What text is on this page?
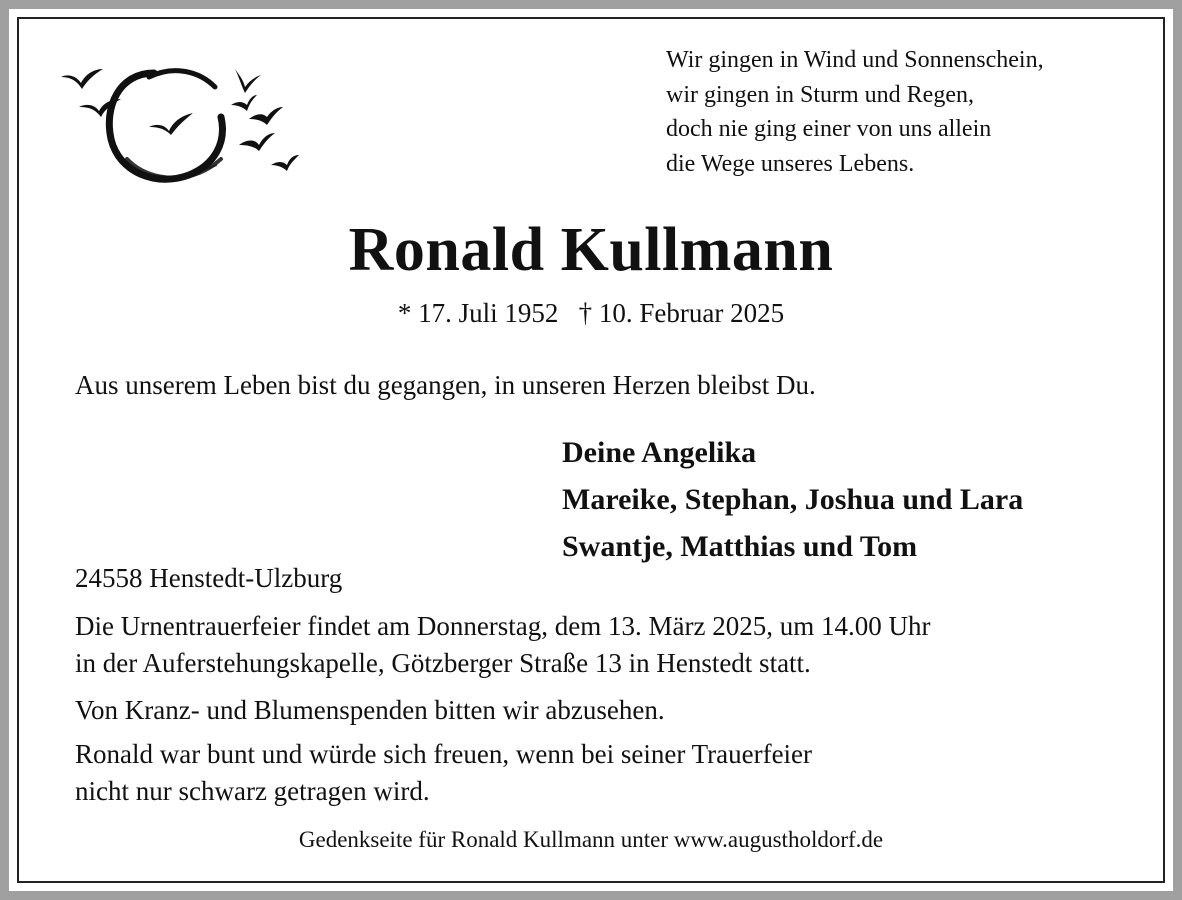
Wir gingen in Wind und Sonnenschein,
wir gingen in Sturm und Regen,
doch nie ging einer von uns allein
die Wege unseres Lebens.
Ronald Kullmann
* 17. Juli 1952   † 10. Februar 2025
Aus unserem Leben bist du gegangen, in unseren Herzen bleibst Du.
Deine Angelika
Mareike, Stephan, Joshua und Lara
Swantje, Matthias und Tom
24558 Henstedt-Ulzburg
Die Urnentrauerfeier findet am Donnerstag, dem 13. März 2025, um 14.00 Uhr
in der Auferstehungskapelle, Götzberger Straße 13 in Henstedt statt.
Von Kranz- und Blumenspenden bitten wir abzusehen.
Ronald war bunt und würde sich freuen, wenn bei seiner Trauerfeier
nicht nur schwarz getragen wird.
Gedenkseite für Ronald Kullmann unter www.augustholdorf.de
